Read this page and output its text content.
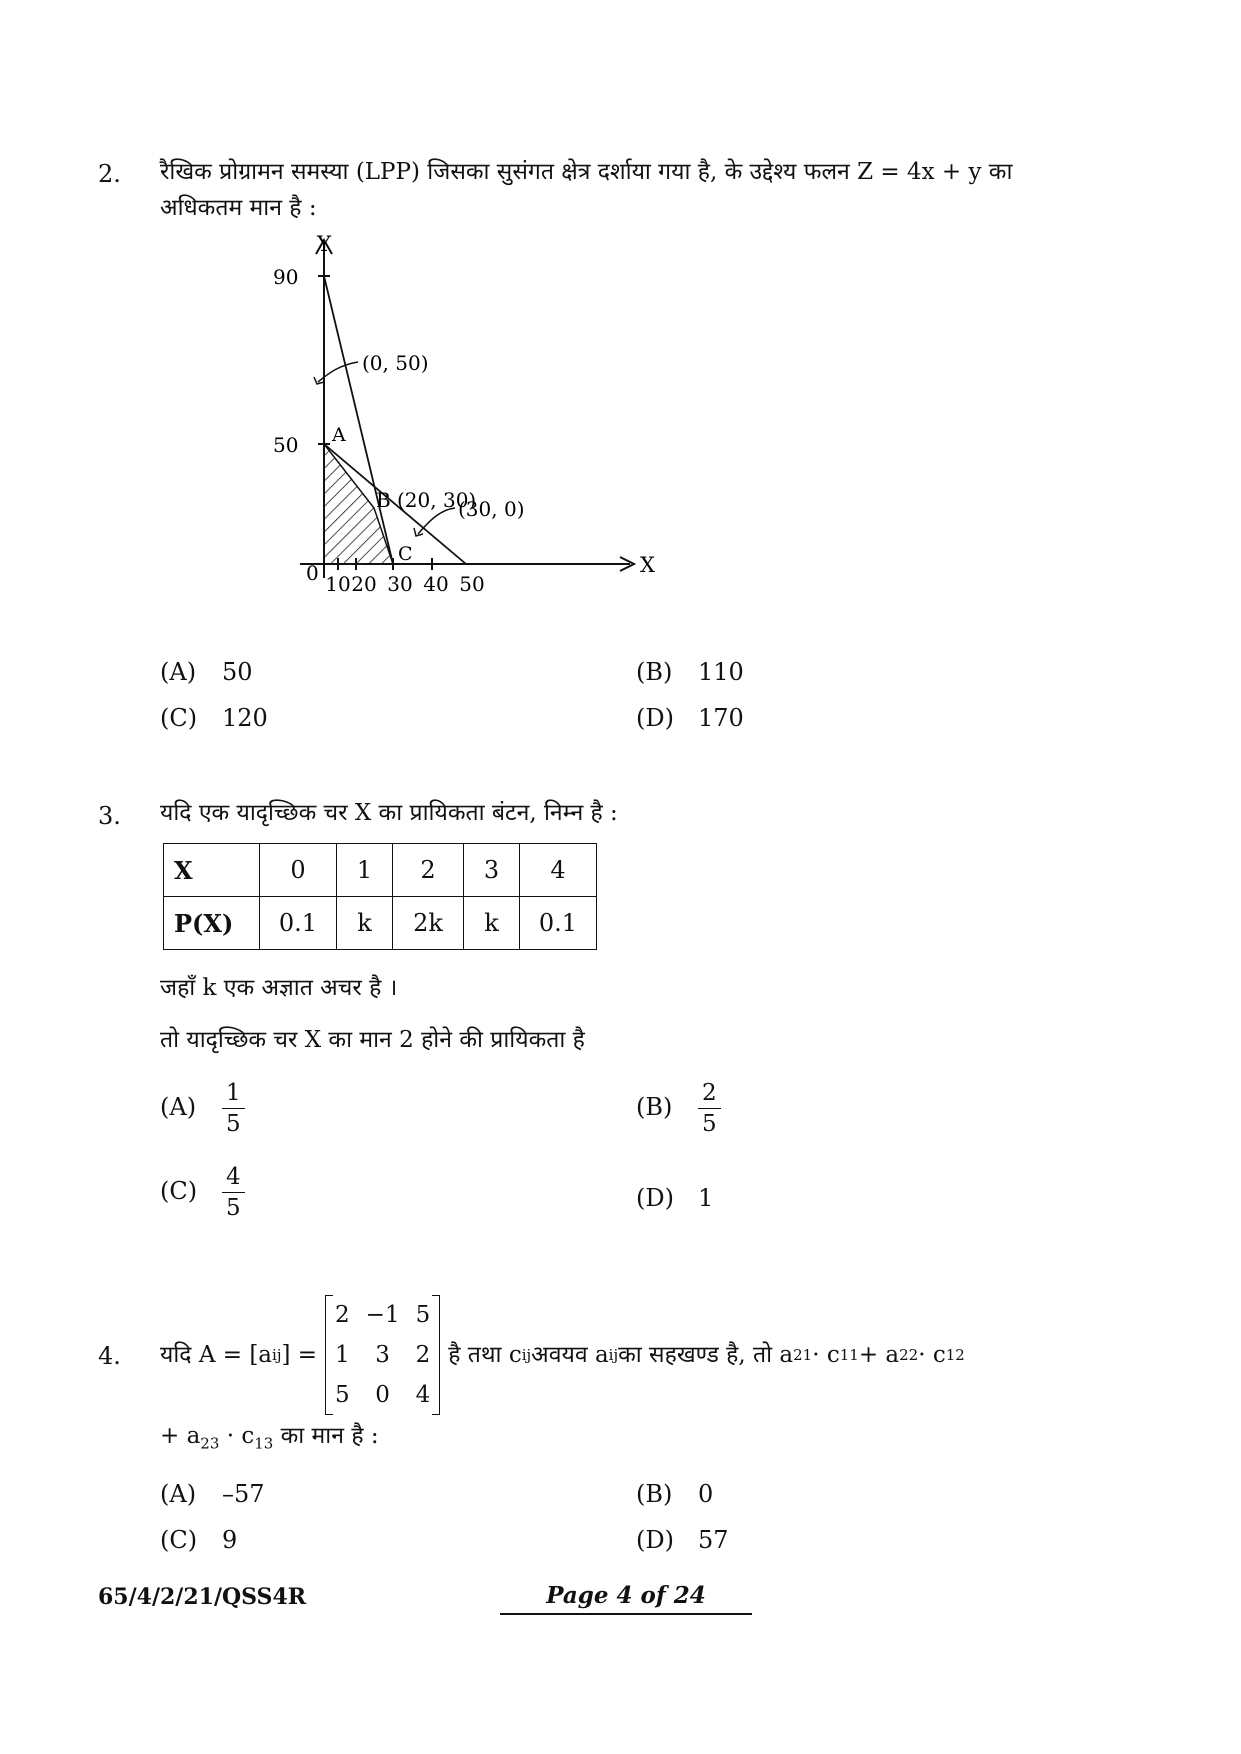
2. रैखिक प्रोग्रामन समस्या (LPP) जिसका सुसंगत क्षेत्र दर्शाया गया है, के उद्देश्य फलन Z = 4x + y का
अधिकतम मान है :
Y
X
90
50
0 10 20 30 40 50
A
B
C
(0, 50)
(20, 30)
(30, 0)
(A) 50	(B) 110
(C) 120	(D) 170
3. यदि एक यादृच्छिक चर X का प्रायिकता बंटन, निम्न है :
X	0	1	2	3	4
P(X)	0.1	k	2k	k	0.1
जहाँ k एक अज्ञात अचर है ।
तो यादृच्छिक चर X का मान 2 होने की प्रायिकता है
$(A) \frac{1}{5}$	$(B) \frac{2}{5}$
$(C) \frac{4}{5}$	(D) 1
4. यदि A = [a ij ] =
2	−1	5
1	3	2
5	0	4
है तथा c ij अवयव a ij का सहखण्ड है, तो a 21 · c 11 + a 22 · c 12
+ $a_{23} \cdot c_{13}$ का मान है :
(A) –57	(B) 0
(C) 9	(D) 57
65/4/2/21/QSS4R	Page 4 of 24
